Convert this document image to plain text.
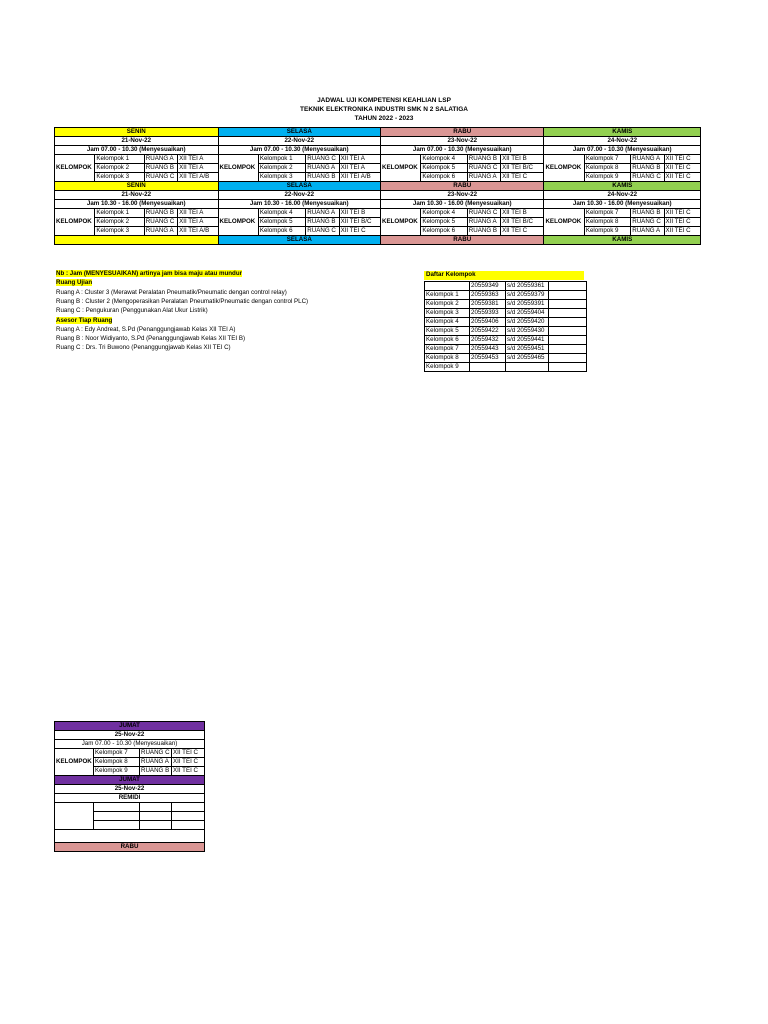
JADWAL UJI KOMPETENSI KEAHLIAN LSP
TEKNIK ELEKTRONIKA INDUSTRI SMK N 2 SALATIGA
TAHUN 2022 - 2023
SENIN				SELASA				RABU				KAMIS			
21-Nov-22				22-Nov-22				23-Nov-22				24-Nov-22			
Jam 07.00 - 10.30 (Menyesuaikan)				Jam 07.00 - 10.30 (Menyesuaikan)				Jam 07.00 - 10.30 (Menyesuaikan)				Jam 07.00 - 10.30 (Menyesuaikan)			
KELOMPOK	Kelompok 1	RUANG A	XII TEI A	KELOMPOK	Kelompok 1	RUANG C	XII TEI A	KELOMPOK	Kelompok 4	RUANG B	XII TEI B	KELOMPOK	Kelompok 7	RUANG A	XII TEI C
	Kelompok 2	RUANG B	XII TEI A		Kelompok 2	RUANG A	XII TEI A		Kelompok 5	RUANG C	XII TEI B/C		Kelompok 8	RUANG B	XII TEI C
	Kelompok 3	RUANG C	XII TEI A/B		Kelompok 3	RUANG B	XII TEI A/B		Kelompok 6	RUANG A	XII TEI C		Kelompok 9	RUANG C	XII TEI C
SENIN				SELASA				RABU				KAMIS			
21-Nov-22				22-Nov-22				23-Nov-22				24-Nov-22			
Jam 10.30 - 16.00 (Menyesuaikan)				Jam 10.30 - 16.00 (Menyesuaikan)				Jam 10.30 - 16.00 (Menyesuaikan)				Jam 10.30 - 16.00 (Menyesuaikan)			
KELOMPOK	Kelompok 1	RUANG B	XII TEI A	KELOMPOK	Kelompok 4	RUANG A	XII TEI B	KELOMPOK	Kelompok 4	RUANG C	XII TEI B	KELOMPOK	Kelompok 7	RUANG B	XII TEI C
	Kelompok 2	RUANG C	XII TEI A		Kelompok 5	RUANG B	XII TEI B/C		Kelompok 5	RUANG A	XII TEI B/C		Kelompok 8	RUANG C	XII TEI C
	Kelompok 3	RUANG A	XII TEI A/B		Kelompok 6	RUANG C	XII TEI C		Kelompok 6	RUANG B	XII TEI C		Kelompok 9	RUANG A	XII TEI C
				SELASA				RABU				KAMIS			
Nb : Jam (MENYESUAIKAN) artinya jam bisa maju atau mundur
Ruang Ujian
Ruang A : Cluster 3 (Merawat Peralatan Pneumatik/Pneumatic dengan control relay)
Ruang B : Cluster 2 (Mengoperasikan Peralatan Pneumatik/Pneumatic dengan control PLC)
Ruang C : Pengukuran (Penggunakan Alat Ukur Listrik)
Asesor Tiap Ruang
Ruang A : Edy Andreat, S.Pd (Penanggungjawab Kelas XII TEI A)
Ruang B : Noor Widiyanto, S.Pd (Penanggungjawab Kelas XII TEI B)
Ruang C : Drs. Tri Buwono (Penanggungjawab Kelas XII TEI C)
Daftar Kelompok
	20559349	s/d 20559361	
Kelompok 1	20559363	s/d 20559379	
Kelompok 2	20559381	s/d 20559391	
Kelompok 3	20559393	s/d 20559404	
Kelompok 4	20559406	s/d 20559420	
Kelompok 5	20559422	s/d 20559430	
Kelompok 6	20559432	s/d 20559441	
Kelompok 7	20559443	s/d 20559451	
Kelompok 8	20559453	s/d 20559465	
Kelompok 9			
JUMAT			
25-Nov-22			
Jam 07.00 - 10.30 (Menyesuaikan)			
KELOMPOK	Kelompok 7	RUANG C	XII TEI C
	Kelompok 8	RUANG A	XII TEI C
	Kelompok 9	RUANG B	XII TEI C
JUMAT			
25-Nov-22			
REMIDI			

RABU			
